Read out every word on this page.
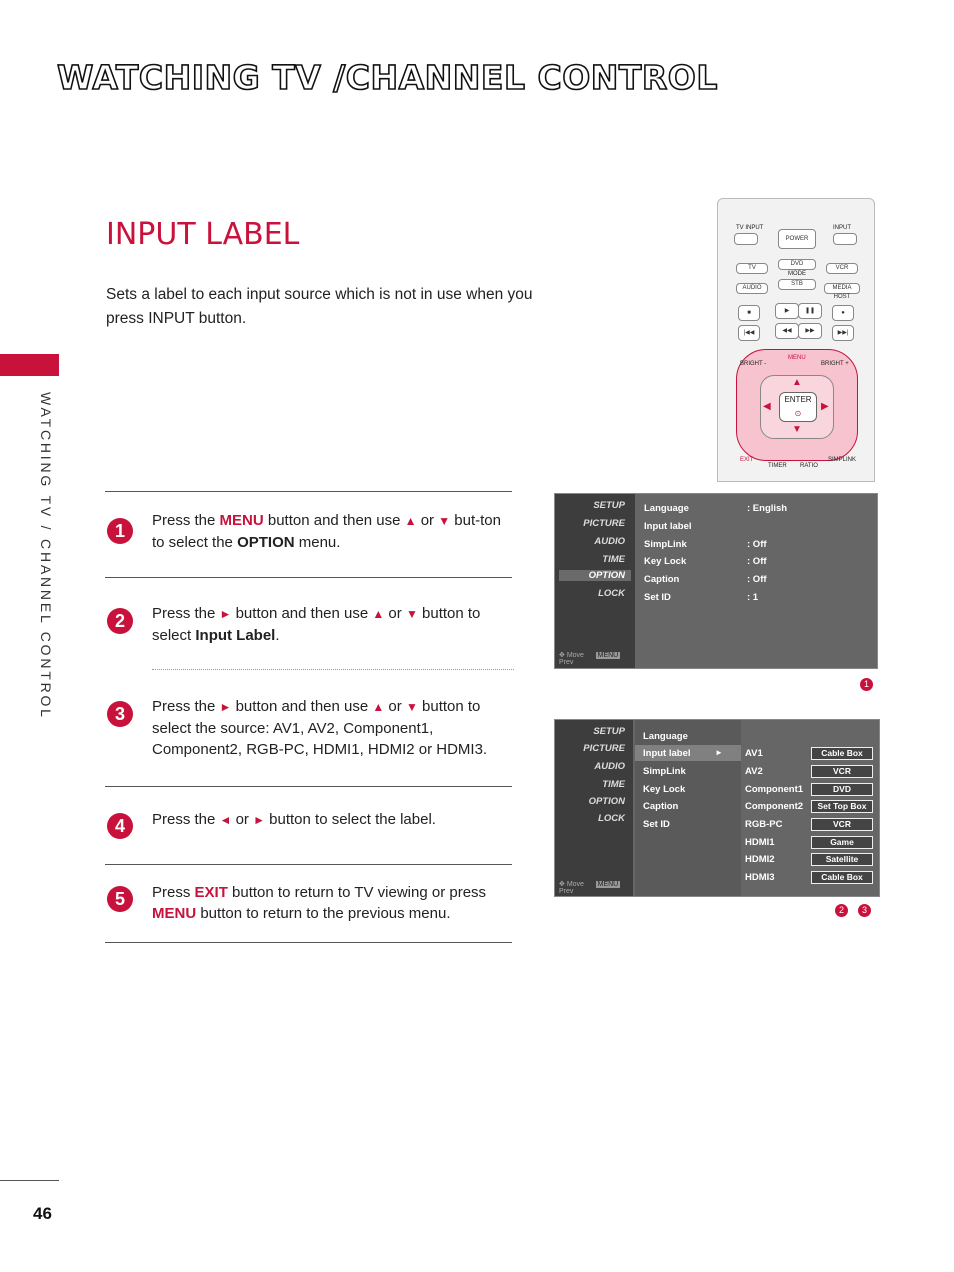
WATCHING TV /CHANNEL CONTROL
WATCHING TV / CHANNEL CONTROL
INPUT LABEL
Sets a label to each input source which is not in use when you press INPUT button.
TV INPUT
POWER
INPUT
TV
DVD
VCR
MODE
AUDIO
STB
MEDIA HOST
■	▶	❚❚	●
|◀◀	◀◀	▶▶	▶▶|
MENU
BRIGHT -	BRIGHT +
▲
▼
◀	▶
ENTER
⊙
EXIT
TIMER RATIO
SIMPLINK
1
Press the MENU button and then use ▲ or ▼ but-ton to select the OPTION menu.
2	Press the ► button and then use ▲ or ▼ button to select Input Label.
3	Press the ► button and then use ▲ or ▼ button to select the source: AV1, AV2, Component1, Component2, RGB-PC, HDMI1, HDMI2 or HDMI3.
4	Press the ◄ or ► button to select the label.
5	Press EXIT button to return to TV viewing or press MENU button to return to the previous menu.
SETUP
PICTURE
AUDIO
TIME
OPTION
LOCK
✥ Move MENU Prev
Language	: English
Input label
SimpLink	: Off
Key Lock	: Off
Caption	: Off
Set ID	: 1
1
SETUP
PICTURE
AUDIO
TIME
OPTION
LOCK
✥ Move MENU Prev
Language
Input label	►
SimpLink
Key Lock
Caption
Set ID
AV1	Cable Box
AV2	VCR
Component1	DVD
Component2	Set Top Box
RGB-PC	VCR
HDMI1	Game
HDMI2	Satellite
HDMI3	Cable Box
2	3
46
